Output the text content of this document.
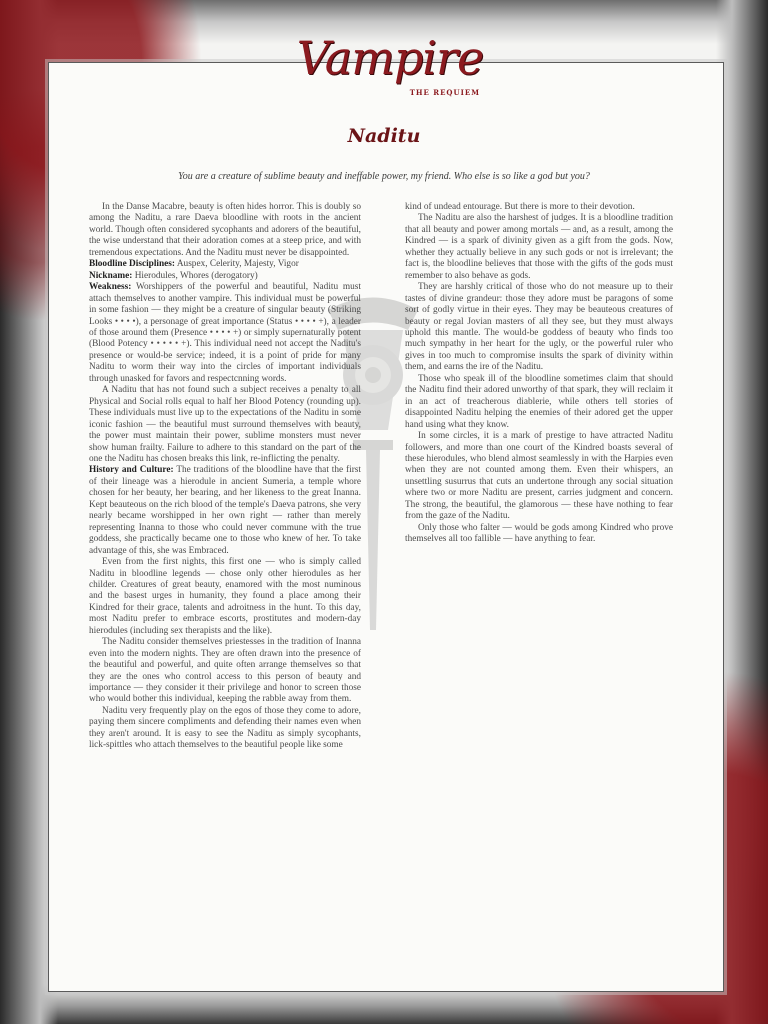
Vampire
THE REQUIEM
Naditu
You are a creature of sublime beauty and ineffable power, my friend. Who else is so like a god but you?

In the Danse Macabre, beauty is often hides horror. This is doubly so among the Naditu, a rare Daeva bloodline with roots in the ancient world. Though often considered sycophants and adorers of the beautiful, the wise understand that their adoration comes at a steep price, and with tremendous expectations. And the Naditu must never be disappointed.

Bloodline Disciplines: Auspex, Celerity, Majesty, Vigor

Nickname: Hierodules, Whores (derogatory)

Weakness: Worshippers of the powerful and beautiful, Naditu must attach themselves to another vampire. This individual must be powerful in some fashion — they might be a creature of singular beauty (Striking Looks • • • •), a personage of great importance (Status • • • • +), a leader of those around them (Presence • • • • +) or simply supernaturally potent (Blood Potency • • • • • +). This individual need not accept the Naditu's presence or would-be service; indeed, it is a point of pride for many Naditu to worm their way into the circles of important individuals through unasked for favors and respectcnning words.

A Naditu that has not found such a subject receives a penalty to all Physical and Social rolls equal to half her Blood Potency (rounding up). These individuals must live up to the expectations of the Naditu in some iconic fashion — the beautiful must surround themselves with beauty, the power must maintain their power, sublime monsters must never show human frailty. Failure to adhere to this standard on the part of the one the Naditu has chosen breaks this link, re-inflicting the penalty.

History and Culture: The traditions of the bloodline have that the first of their lineage was a hierodule in ancient Sumeria, a temple whore chosen for her beauty, her bearing, and her likeness to the great Inanna. Kept beauteous on the rich blood of the temple's Daeva patrons, she very nearly became worshipped in her own right — rather than merely representing Inanna to those who could never commune with the true goddess, she practically became one to those who knew of her. To take advantage of this, she was Embraced.

Even from the first nights, this first one — who is simply called Naditu in bloodline legends — chose only other hierodules as her childer. Creatures of great beauty, enamored with the most numinous and the basest urges in humanity, they found a place among their Kindred for their grace, talents and adroitness in the hunt. To this day, most Naditu prefer to embrace escorts, prostitutes and modern-day hierodules (including sex therapists and the like).

The Naditu consider themselves priestesses in the tradition of Inanna even into the modern nights. They are often drawn into the presence of the beautiful and powerful, and quite often arrange themselves so that they are the ones who control access to this person of beauty and importance — they consider it their privilege and honor to screen those who would bother this individual, keeping the rabble away from them.

Naditu very frequently play on the egos of those they come to adore, paying them sincere compliments and defending their names even when they aren't around. It is easy to see the Naditu as simply sycophants, lick-spittles who attach themselves to the beautiful people like some

kind of undead entourage. But there is more to their devotion.

The Naditu are also the harshest of judges. It is a bloodline tradition that all beauty and power among mortals — and, as a result, among the Kindred — is a spark of divinity given as a gift from the gods. Now, whether they actually believe in any such gods or not is irrelevant; the fact is, the bloodline believes that those with the gifts of the gods must remember to also behave as gods.

They are harshly critical of those who do not measure up to their tastes of divine grandeur: those they adore must be paragons of some sort of godly virtue in their eyes. They may be beauteous creatures of beauty or regal Jovian masters of all they see, but they must always uphold this mantle. The would-be goddess of beauty who finds too much sympathy in her heart for the ugly, or the powerful ruler who gives in too much to compromise insults the spark of divinity within them, and earns the ire of the Naditu.

Those who speak ill of the bloodline sometimes claim that should the Naditu find their adored unworthy of that spark, they will reclaim it in an act of treacherous diablerie, while others tell stories of disappointed Naditu helping the enemies of their adored get the upper hand using what they know.

In some circles, it is a mark of prestige to have attracted Naditu followers, and more than one court of the Kindred boasts several of these hierodules, who blend almost seamlessly in with the Harpies even when they are not counted among them. Even their whispers, an unsettling susurrus that cuts an undertone through any social situation where two or more Naditu are present, carries judgment and concern. The strong, the beautiful, the glamorous — these have nothing to fear from the gaze of the Naditu.

Only those who falter — would be gods among Kindred who prove themselves all too fallible — have anything to fear.
